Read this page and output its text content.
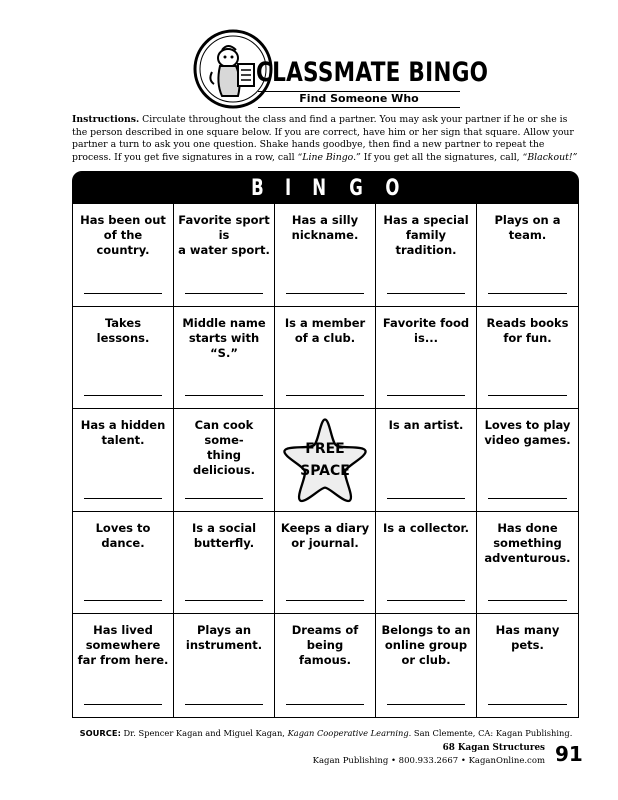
CLASSMATE BINGO
Find Someone Who
Instructions. Circulate throughout the class and find a partner. You may ask your partner if he or she is the person described in one square below. If you are correct, have him or her sign that square. Allow your partner a turn to ask you one question. Shake hands goodbye, then find a new partner to repeat the process. If you get five signatures in a row, call “Line Bingo.” If you get all the signatures, call, “Blackout!”
B I N G O
Has been out
of the country.
Favorite sport is
a water sport.
Has a silly
nickname.
Has a special
family tradition.
Plays on a team.
Takes lessons.
Middle name
starts with “S.”
Is a member
of a club.
Favorite food
is...
Reads books
for fun.
Has a hidden
talent.
Can cook some-
thing delicious.
FREE
SPACE
Is an artist.	Loves to play
video games.
Loves to dance.
Is a social
butterfly.
Keeps a diary
or journal.
Is a collector.	Has done
something
adventurous.
Has lived
somewhere
far from here.
Plays an
instrument.
Dreams of
being famous.
Belongs to an
online group
or club.
Has many pets.
SOURCE: Dr. Spencer Kagan and Miguel Kagan, Kagan Cooperative Learning. San Clemente, CA: Kagan Publishing.
68 Kagan Structures
Kagan Publishing • 800.933.2667 • KaganOnline.com 91
